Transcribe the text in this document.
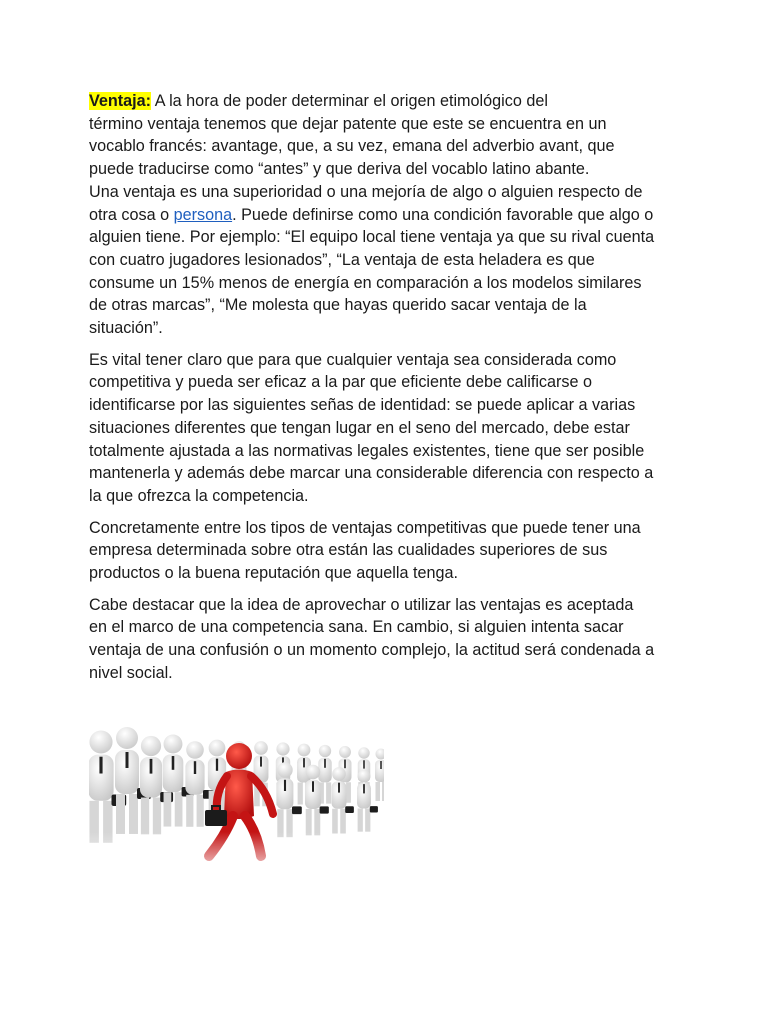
Ventaja: A la hora de poder determinar el origen etimológico del
término ventaja tenemos que dejar patente que este se encuentra en un
vocablo francés: avantage, que, a su vez, emana del adverbio avant, que
puede traducirse como “antes” y que deriva del vocablo latino abante.
Una ventaja es una superioridad o una mejoría de algo o alguien respecto de
otra cosa o persona. Puede definirse como una condición favorable que algo o
alguien tiene. Por ejemplo: “El equipo local tiene ventaja ya que su rival cuenta
con cuatro jugadores lesionados”, “La ventaja de esta heladera es que
consume un 15% menos de energía en comparación a los modelos similares
de otras marcas”, “Me molesta que hayas querido sacar ventaja de la
situación”.

Es vital tener claro que para que cualquier ventaja sea considerada como
competitiva y pueda ser eficaz a la par que eficiente debe calificarse o
identificarse por las siguientes señas de identidad: se puede aplicar a varias
situaciones diferentes que tengan lugar en el seno del mercado, debe estar
totalmente ajustada a las normativas legales existentes, tiene que ser posible
mantenerla y además debe marcar una considerable diferencia con respecto a
la que ofrezca la competencia.

Concretamente entre los tipos de ventajas competitivas que puede tener una
empresa determinada sobre otra están las cualidades superiores de sus
productos o la buena reputación que aquella tenga.

Cabe destacar que la idea de aprovechar o utilizar las ventajas es aceptada
en el marco de una competencia sana. En cambio, si alguien intenta sacar
ventaja de una confusión o un momento complejo, la actitud será condenada a
nivel social.
